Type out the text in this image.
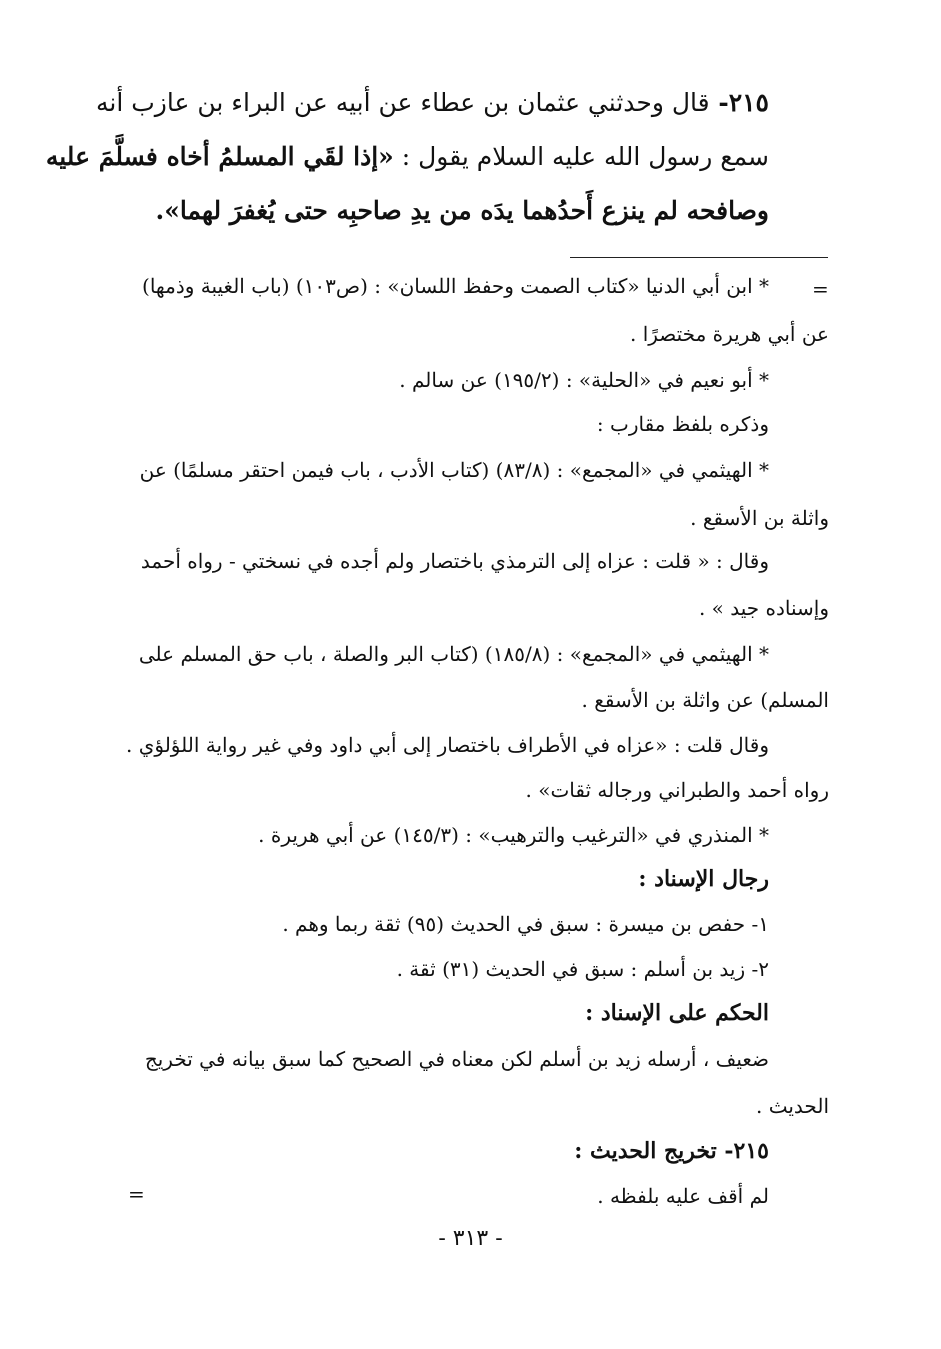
٢١٥- قال وحدثني عثمان بن عطاء عن أبيه عن البراء بن عازب أنه
سمع رسول الله عليه السلام يقول : «إذا لقَي المسلمُ أخاه فسلَّمَ عليه
وصافحه لم ينزع أَحدُهما يدَه من يدِ صاحبِه حتى يُغفرَ لهما».
=
* ابن أبي الدنيا «كتاب الصمت وحفظ اللسان» : (ص١٠٣) (باب الغيبة وذمها)
عن أبي هريرة مختصرًا .
* أبو نعيم في «الحلية» : (١٩٥/٢) عن سالم .
وذكره بلفظ مقارب :
* الهيثمي في «المجمع» : (٨٣/٨) (كتاب الأدب ، باب فيمن احتقر مسلمًا) عن
واثلة بن الأسقع .
وقال : « قلت : عزاه إلى الترمذي باختصار ولم أجده في نسختي - رواه أحمد
وإسناده جيد » .
* الهيثمي في «المجمع» : (١٨٥/٨) (كتاب البر والصلة ، باب حق المسلم على
المسلم) عن واثلة بن الأسقع .
وقال قلت : «عزاه في الأطراف باختصار إلى أبي داود وفي غير رواية اللؤلؤي .
رواه أحمد والطبراني ورجاله ثقات» .
* المنذري في «الترغيب والترهيب» : (١٤٥/٣) عن أبي هريرة .
رجال الإسناد :
١- حفص بن ميسرة : سبق في الحديث (٩٥) ثقة ربما وهم .
٢- زيد بن أسلم : سبق في الحديث (٣١) ثقة .
الحكم على الإسناد :
ضعيف ، أرسله زيد بن أسلم لكن معناه في الصحيح كما سبق بيانه في تخريج
الحديث .
٢١٥- تخريج الحديث :
لم أقف عليه بلفظه .
=
- ٣١٣ -
